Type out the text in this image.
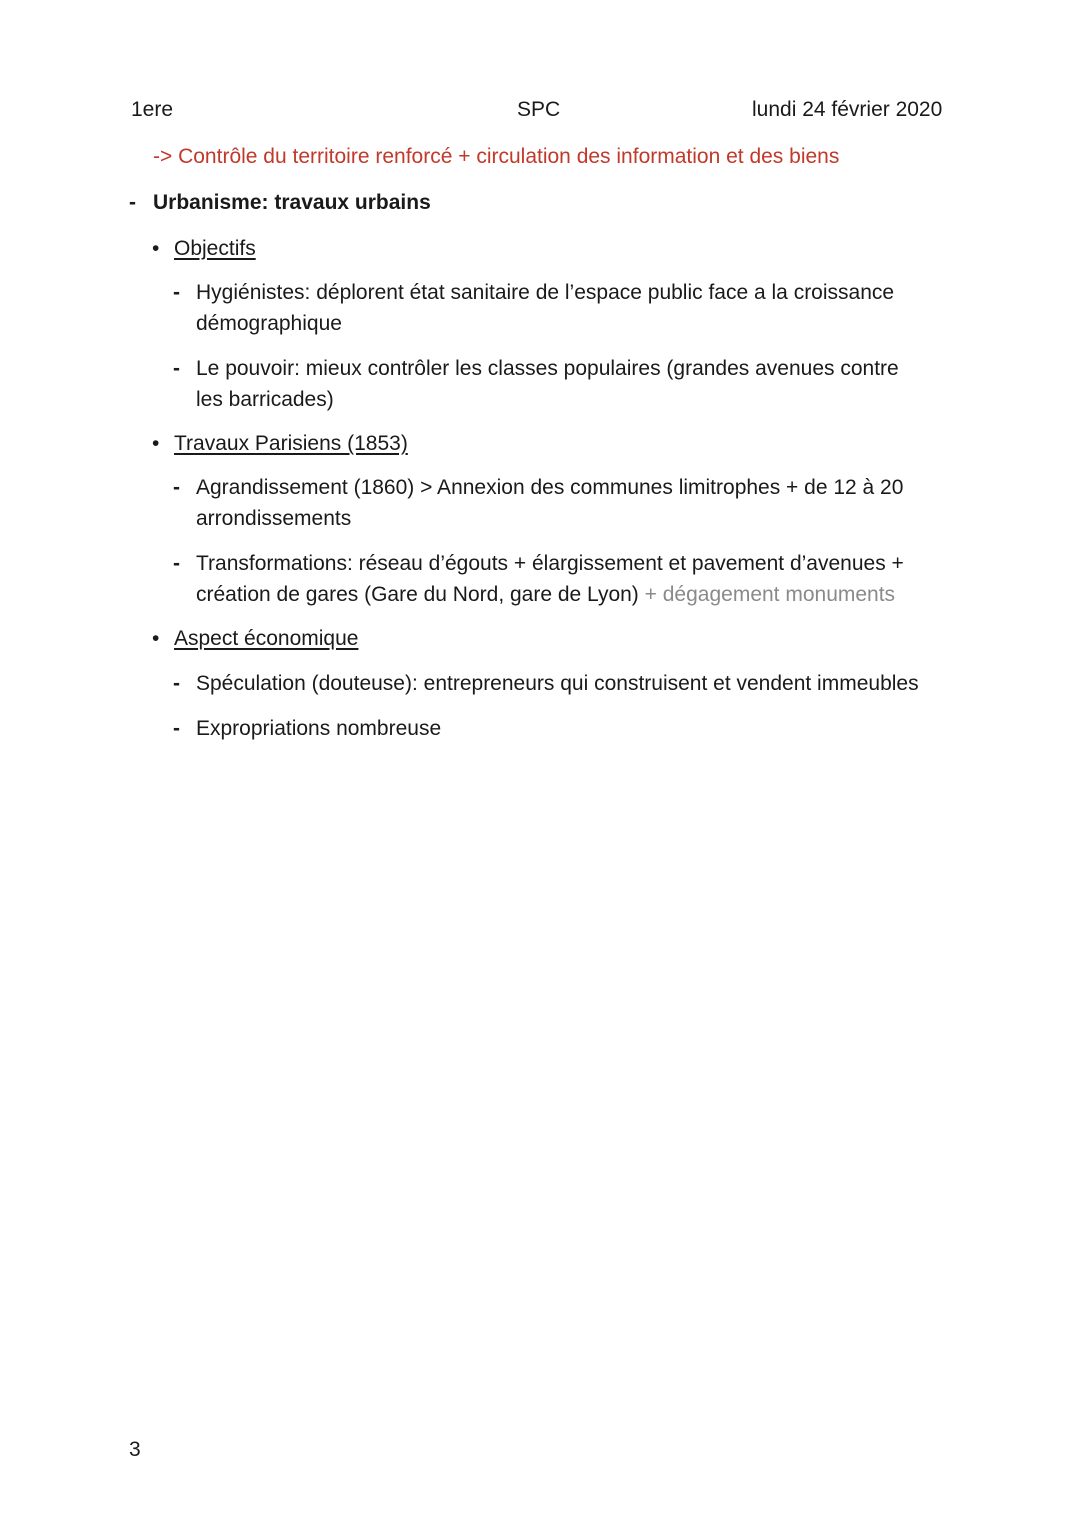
1ere	SPC	lundi 24 février 2020
-> Contrôle du territoire renforcé + circulation des information et des biens
- Urbanisme: travaux urbains
• Objectifs
- Hygiénistes: déplorent état sanitaire de l’espace public face a la croissance
démographique
- Le pouvoir: mieux contrôler les classes populaires (grandes avenues contre
les barricades)
• Travaux Parisiens (1853)
- Agrandissement (1860) > Annexion des communes limitrophes + de 12 à 20
arrondissements
- Transformations: réseau d’égouts + élargissement et pavement d’avenues +
création de gares (Gare du Nord, gare de Lyon) + dégagement monuments
• Aspect économique
- Spéculation (douteuse): entrepreneurs qui construisent et vendent immeubles
- Expropriations nombreuse
3
